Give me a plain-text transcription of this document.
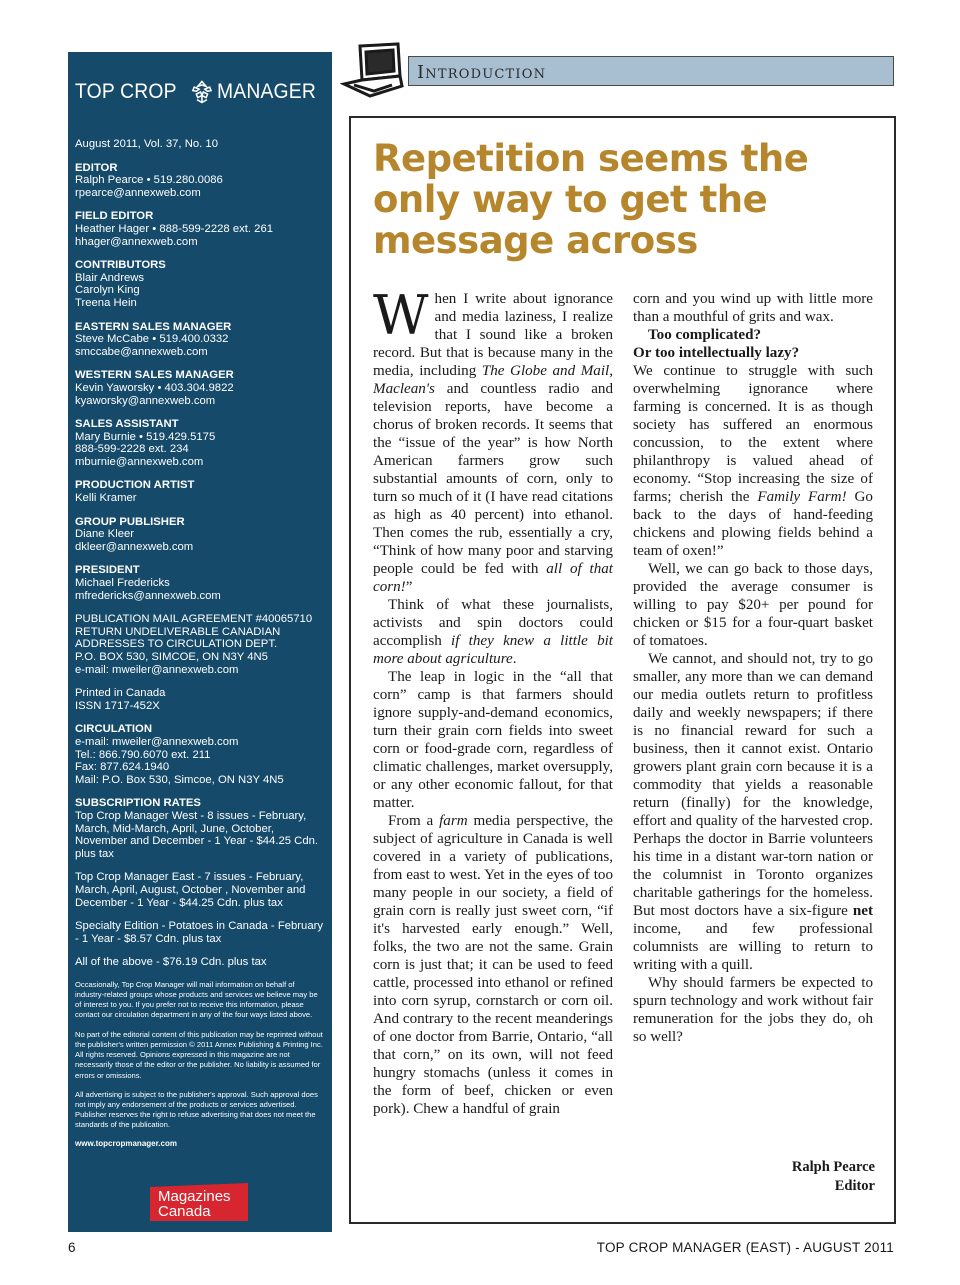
TOP CROP MANAGER
August 2011, Vol. 37, No. 10
EDITOR
Ralph Pearce • 519.280.0086
rpearce@annexweb.com
FIELD EDITOR
Heather Hager • 888-599-2228 ext. 261
hhager@annexweb.com
CONTRIBUTORS
Blair Andrews
Carolyn King
Treena Hein
EASTERN SALES MANAGER
Steve McCabe • 519.400.0332
smccabe@annexweb.com
WESTERN SALES MANAGER
Kevin Yaworsky • 403.304.9822
kyaworsky@annexweb.com
SALES ASSISTANT
Mary Burnie • 519.429.5175
888-599-2228 ext. 234
mburnie@annexweb.com
PRODUCTION ARTIST
Kelli Kramer
GROUP PUBLISHER
Diane Kleer
dkleer@annexweb.com
PRESIDENT
Michael Fredericks
mfredericks@annexweb.com
PUBLICATION MAIL AGREEMENT #40065710
RETURN UNDELIVERABLE CANADIAN
ADDRESSES TO CIRCULATION DEPT.
P.O. BOX 530, SIMCOE, ON N3Y 4N5
e-mail: mweiler@annexweb.com
Printed in Canada
ISSN 1717-452X
CIRCULATION
e-mail: mweiler@annexweb.com
Tel.: 866.790.6070 ext. 211
Fax: 877.624.1940
Mail: P.O. Box 530, Simcoe, ON N3Y 4N5
SUBSCRIPTION RATES
Top Crop Manager West - 8 issues - February, March, Mid-March, April, June, October, November and December - 1 Year - $44.25 Cdn. plus tax
Top Crop Manager East - 7 issues - February, March, April, August, October , November and December - 1 Year - $44.25 Cdn. plus tax
Specialty Edition - Potatoes in Canada - February - 1 Year - $8.57 Cdn. plus tax
All of the above - $76.19 Cdn. plus tax
Occasionally, Top Crop Manager will mail information on behalf of industry-related groups whose products and services we believe may be of interest to you. If you prefer not to receive this information, please contact our circulation department in any of the four ways listed above.
No part of the editorial content of this publication may be reprinted without the publisher's written permission © 2011 Annex Publishing & Printing Inc. All rights reserved. Opinions expressed in this magazine are not necessarily those of the editor or the publisher. No liability is assumed for errors or omissions.
All advertising is subject to the publisher's approval. Such approval does not imply any endorsement of the products or services advertised. Publisher reserves the right to refuse advertising that does not meet the standards of the publication.
www.topcropmanager.com
Magazines
Canada
Introduction
Repetition seems the only way to get the message across

When I write about ignorance and media laziness, I realize that I sound like a broken record. But that is because many in the media, including The Globe and Mail, Maclean's and countless radio and television reports, have become a chorus of broken records. It seems that the “issue of the year” is how North American farmers grow such substantial amounts of corn, only to turn so much of it (I have read citations as high as 40 percent) into ethanol. Then comes the rub, essentially a cry, “Think of how many poor and starving people could be fed with all of that corn!”

Think of what these journalists, activists and spin doctors could accomplish if they knew a little bit more about agriculture.

The leap in logic in the “all that corn” camp is that farmers should ignore supply-and-demand economics, turn their grain corn fields into sweet corn or food-grade corn, regardless of climatic challenges, market oversupply, or any other economic fallout, for that matter.

From a farm media perspective, the subject of agriculture in Canada is well covered in a variety of publications, from east to west. Yet in the eyes of too many people in our society, a field of grain corn is really just sweet corn, “if it's harvested early enough.” Well, folks, the two are not the same. Grain corn is just that; it can be used to feed cattle, processed into ethanol or refined into corn syrup, cornstarch or corn oil. And contrary to the recent meanderings of one doctor from Barrie, Ontario, “all that corn,” on its own, will not feed hungry stomachs (unless it comes in the form of beef, chicken or even pork). Chew a handful of grain

corn and you wind up with little more than a mouthful of grits and wax.

Too complicated?
Or too intellectually lazy?

We continue to struggle with such overwhelming ignorance where farming is concerned. It is as though society has suffered an enormous concussion, to the extent where philanthropy is valued ahead of economy. “Stop increasing the size of farms; cherish the Family Farm! Go back to the days of hand-feeding chickens and plowing fields behind a team of oxen!”

Well, we can go back to those days, provided the average consumer is willing to pay $20+ per pound for chicken or $15 for a four-quart basket of tomatoes.

We cannot, and should not, try to go smaller, any more than we can demand our media outlets return to profitless daily and weekly newspapers; if there is no financial reward for such a business, then it cannot exist. Ontario growers plant grain corn because it is a commodity that yields a reasonable return (finally) for the knowledge, effort and quality of the harvested crop. Perhaps the doctor in Barrie volunteers his time in a distant war-torn nation or the columnist in Toronto organizes charitable gatherings for the homeless. But most doctors have a six-figure net income, and few professional columnists are willing to return to writing with a quill.

Why should farmers be expected to spurn technology and work without fair remuneration for the jobs they do, oh so well?

Ralph Pearce
Editor
6	TOP CROP MANAGER (EAST) - AUGUST 2011
